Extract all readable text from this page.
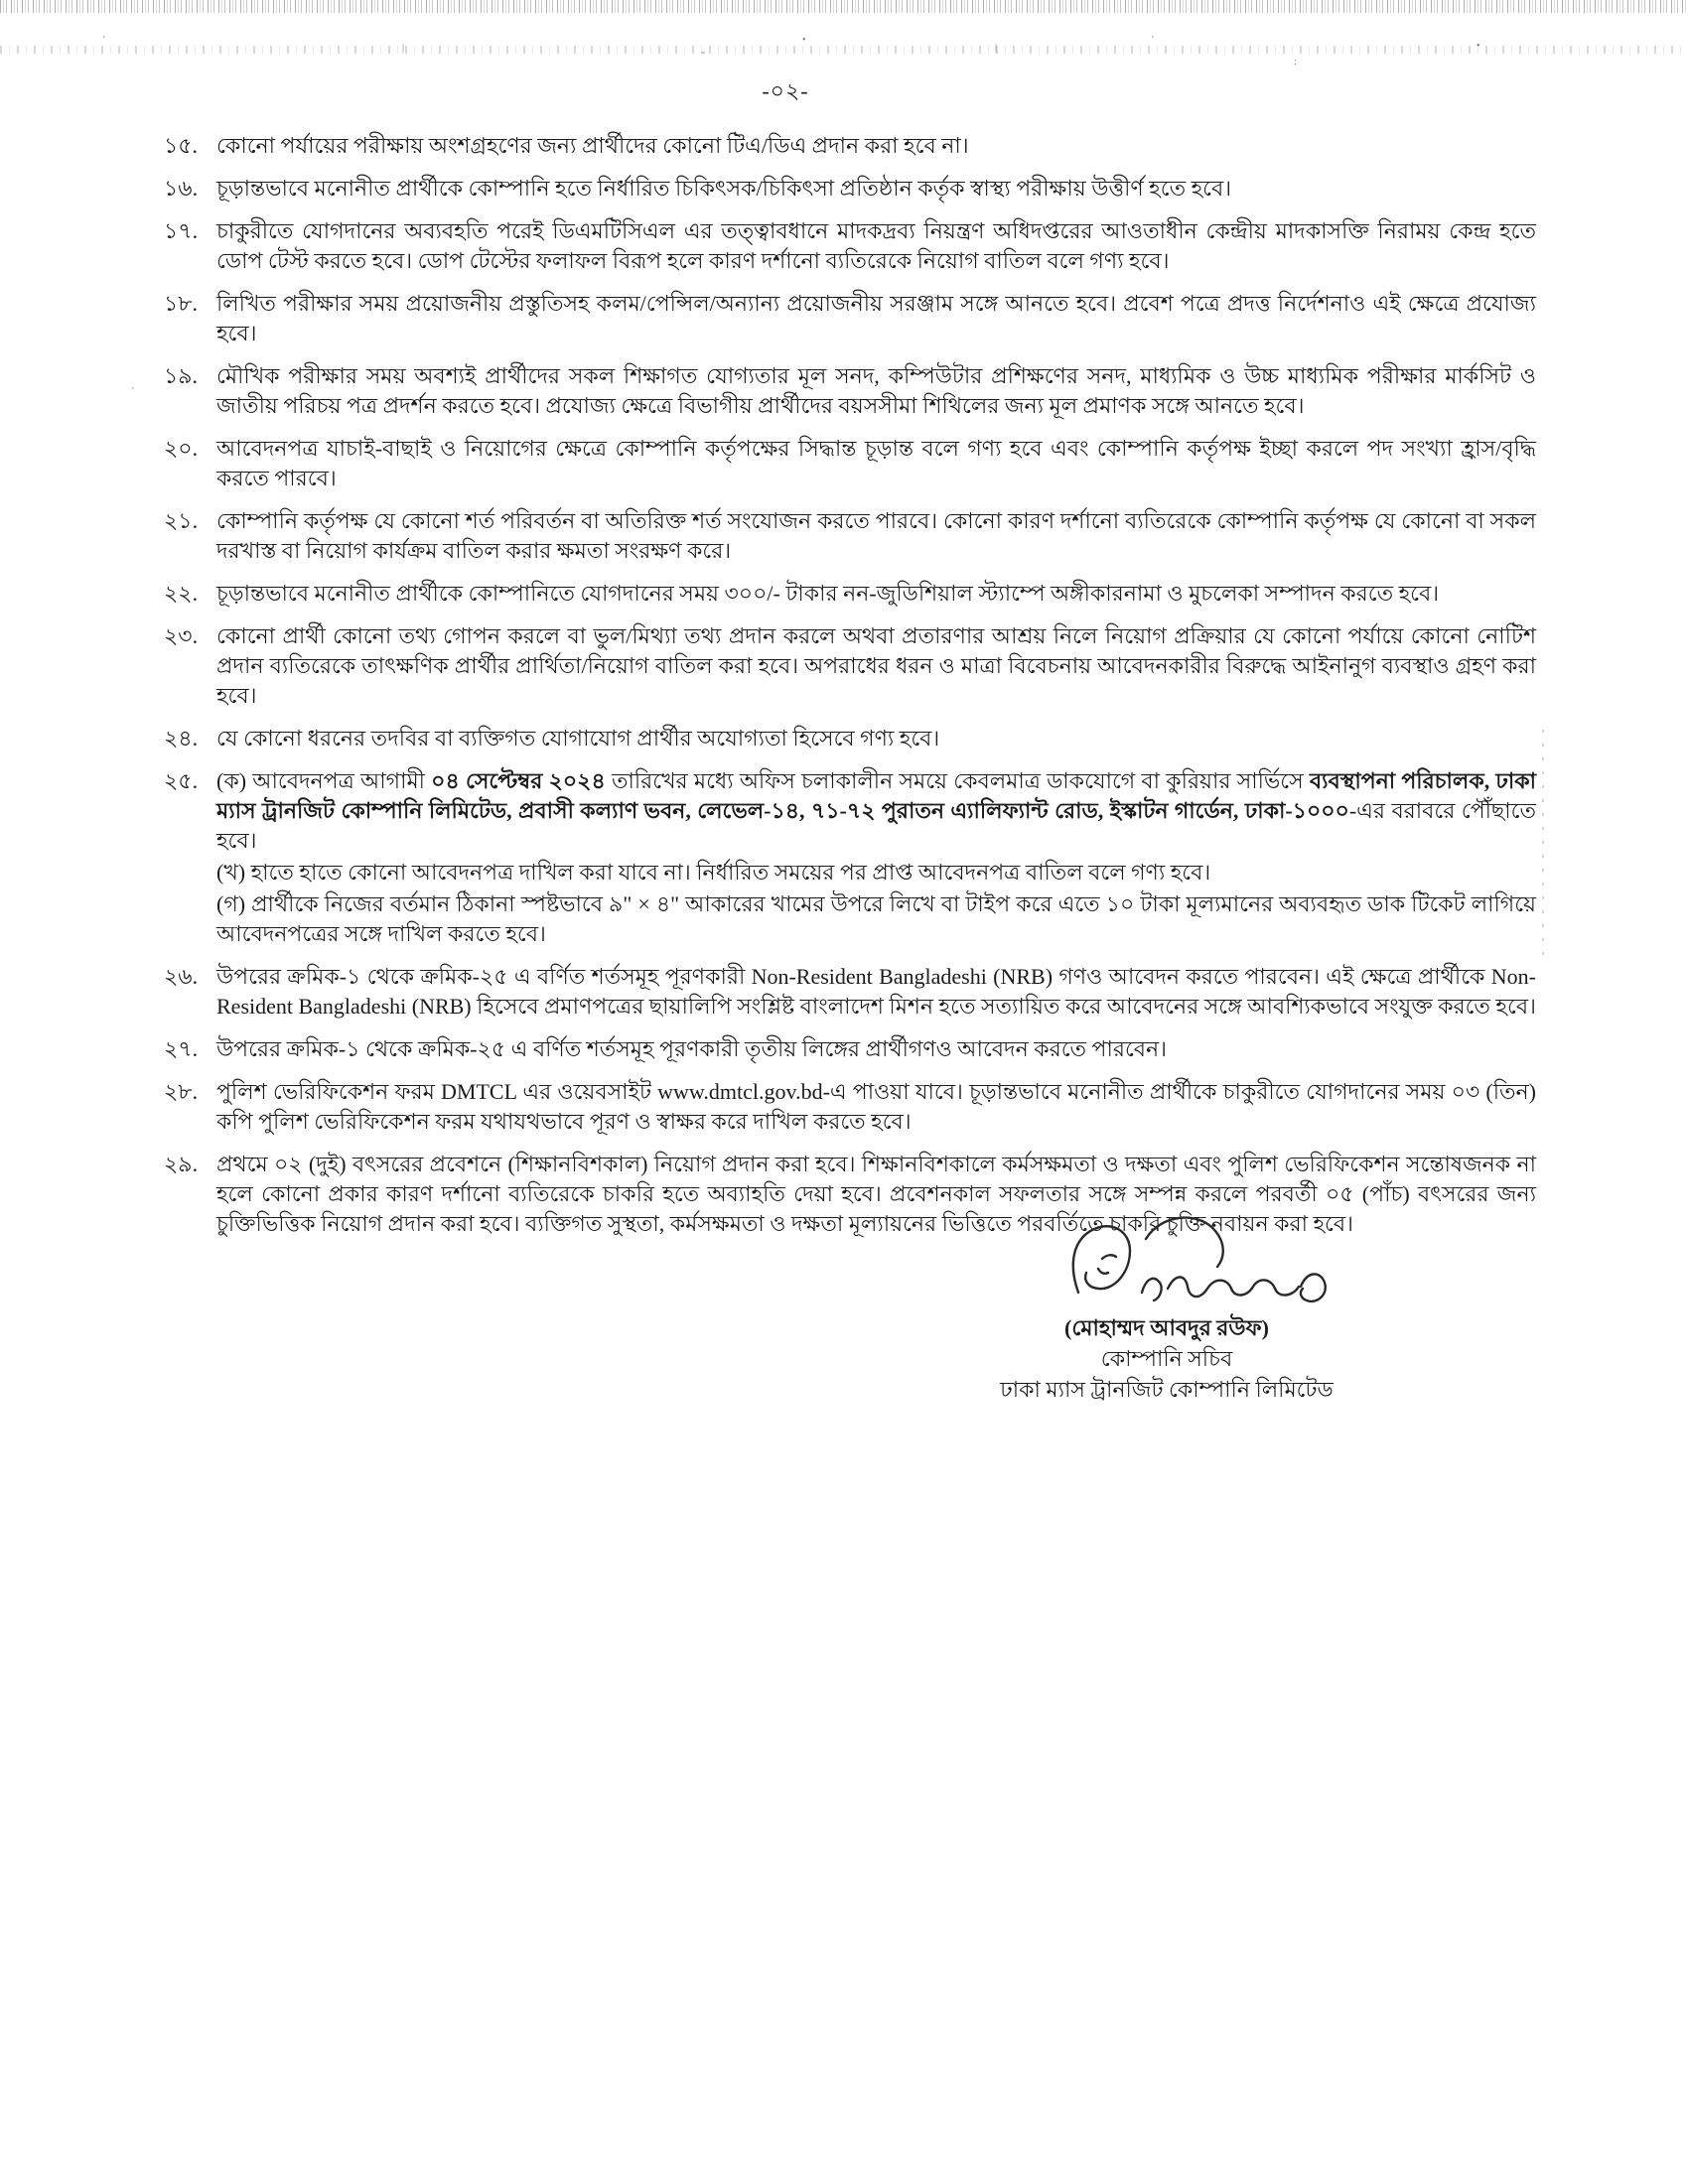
'
|
"
•
|
'
:
•
'
-০২-
১৫. কোনো পর্যায়ের পরীক্ষায় অংশগ্রহণের জন্য প্রার্থীদের কোনো টিএ/ডিএ প্রদান করা হবে না।
১৬. চূড়ান্তভাবে মনোনীত প্রার্থীকে কোম্পানি হতে নির্ধারিত চিকিৎসক/চিকিৎসা প্রতিষ্ঠান কর্তৃক স্বাস্থ্য পরীক্ষায় উত্তীর্ণ হতে হবে।
১৭. চাকুরীতে যোগদানের অব্যবহতি পরেই ডিএমটিসিএল এর তত্ত্বাবধানে মাদকদ্রব্য নিয়ন্ত্রণ অধিদপ্তরের আওতাধীন কেন্দ্রীয় মাদকাসক্তি নিরাময় কেন্দ্র হতে ডোপ টেস্ট করতে হবে। ডোপ টেস্টের ফলাফল বিরূপ হলে কারণ দর্শানো ব্যতিরেকে নিয়োগ বাতিল বলে গণ্য হবে।
১৮. লিখিত পরীক্ষার সময় প্রয়োজনীয় প্রস্তুতিসহ কলম/পেন্সিল/অন্যান্য প্রয়োজনীয় সরঞ্জাম সঙ্গে আনতে হবে। প্রবেশ পত্রে প্রদত্ত নির্দেশনাও এই ক্ষেত্রে প্রযোজ্য হবে।
১৯. মৌখিক পরীক্ষার সময় অবশ্যই প্রার্থীদের সকল শিক্ষাগত যোগ্যতার মূল সনদ, কম্পিউটার প্রশিক্ষণের সনদ, মাধ্যমিক ও উচ্চ মাধ্যমিক পরীক্ষার মার্কসিট ও জাতীয় পরিচয় পত্র প্রদর্শন করতে হবে। প্রযোজ্য ক্ষেত্রে বিভাগীয় প্রার্থীদের বয়সসীমা শিথিলের জন্য মূল প্রমাণক সঙ্গে আনতে হবে।
২০. আবেদনপত্র যাচাই-বাছাই ও নিয়োগের ক্ষেত্রে কোম্পানি কর্তৃপক্ষের সিদ্ধান্ত চূড়ান্ত বলে গণ্য হবে এবং কোম্পানি কর্তৃপক্ষ ইচ্ছা করলে পদ সংখ্যা হ্রাস/বৃদ্ধি করতে পারবে।
২১. কোম্পানি কর্তৃপক্ষ যে কোনো শর্ত পরিবর্তন বা অতিরিক্ত শর্ত সংযোজন করতে পারবে। কোনো কারণ দর্শানো ব্যতিরেকে কোম্পানি কর্তৃপক্ষ যে কোনো বা সকল দরখাস্ত বা নিয়োগ কার্যক্রম বাতিল করার ক্ষমতা সংরক্ষণ করে।
২২. চূড়ান্তভাবে মনোনীত প্রার্থীকে কোম্পানিতে যোগদানের সময় ৩০০/- টাকার নন-জুডিশিয়াল স্ট্যাম্পে অঙ্গীকারনামা ও মুচলেকা সম্পাদন করতে হবে।
২৩. কোনো প্রার্থী কোনো তথ্য গোপন করলে বা ভুল/মিথ্যা তথ্য প্রদান করলে অথবা প্রতারণার আশ্রয় নিলে নিয়োগ প্রক্রিয়ার যে কোনো পর্যায়ে কোনো নোটিশ প্রদান ব্যতিরেকে তাৎক্ষণিক প্রার্থীর প্রার্থিতা/নিয়োগ বাতিল করা হবে। অপরাধের ধরন ও মাত্রা বিবেচনায় আবেদনকারীর বিরুদ্ধে আইনানুগ ব্যবস্থাও গ্রহণ করা হবে।
২৪. যে কোনো ধরনের তদবির বা ব্যক্তিগত যোগাযোগ প্রার্থীর অযোগ্যতা হিসেবে গণ্য হবে।
২৫. (ক) আবেদনপত্র আগামী ০৪ সেপ্টেম্বর ২০২৪ তারিখের মধ্যে অফিস চলাকালীন সময়ে কেবলমাত্র ডাকযোগে বা কুরিয়ার সার্ভিসে ব্যবস্থাপনা পরিচালক, ঢাকা ম্যাস ট্রানজিট কোম্পানি লিমিটেড, প্রবাসী কল্যাণ ভবন, লেভেল-১৪, ৭১-৭২ পুরাতন এ্যালিফ্যান্ট রোড, ইস্কাটন গার্ডেন, ঢাকা-১০০০-এর বরাবরে পৌঁছাতে হবে।
(খ) হাতে হাতে কোনো আবেদনপত্র দাখিল করা যাবে না। নির্ধারিত সময়ের পর প্রাপ্ত আবেদনপত্র বাতিল বলে গণ্য হবে।
(গ) প্রার্থীকে নিজের বর্তমান ঠিকানা স্পষ্টভাবে ৯" × ৪" আকারের খামের উপরে লিখে বা টাইপ করে এতে ১০ টাকা মূল্যমানের অব্যবহৃত ডাক টিকেট লাগিয়ে আবেদনপত্রের সঙ্গে দাখিল করতে হবে।
২৬. উপরের ক্রমিক-১ থেকে ক্রমিক-২৫ এ বর্ণিত শর্তসমূহ পূরণকারী Non-Resident Bangladeshi (NRB) গণও আবেদন করতে পারবেন। এই ক্ষেত্রে প্রার্থীকে Non-Resident Bangladeshi (NRB) হিসেবে প্রমাণপত্রের ছায়ালিপি সংশ্লিষ্ট বাংলাদেশ মিশন হতে সত্যায়িত করে আবেদনের সঙ্গে আবশ্যিকভাবে সংযুক্ত করতে হবে।
২৭. উপরের ক্রমিক-১ থেকে ক্রমিক-২৫ এ বর্ণিত শর্তসমূহ পূরণকারী তৃতীয় লিঙ্গের প্রার্থীগণও আবেদন করতে পারবেন।
২৮. পুলিশ ভেরিফিকেশন ফরম DMTCL এর ওয়েবসাইট www.dmtcl.gov.bd-এ পাওয়া যাবে। চূড়ান্তভাবে মনোনীত প্রার্থীকে চাকুরীতে যোগদানের সময় ০৩ (তিন) কপি পুলিশ ভেরিফিকেশন ফরম যথাযথভাবে পূরণ ও স্বাক্ষর করে দাখিল করতে হবে।
২৯. প্রথমে ০২ (দুই) বৎসরের প্রবেশনে (শিক্ষানবিশকাল) নিয়োগ প্রদান করা হবে। শিক্ষানবিশকালে কর্মসক্ষমতা ও দক্ষতা এবং পুলিশ ভেরিফিকেশন সন্তোষজনক না হলে কোনো প্রকার কারণ দর্শানো ব্যতিরেকে চাকরি হতে অব্যাহতি দেয়া হবে। প্রবেশনকাল সফলতার সঙ্গে সম্পন্ন করলে পরবর্তী ০৫ (পাঁচ) বৎসরের জন্য চুক্তিভিত্তিক নিয়োগ প্রদান করা হবে। ব্যক্তিগত সুস্থতা, কর্মসক্ষমতা ও দক্ষতা মূল্যায়নের ভিত্তিতে পরবর্তিতে চাকরি চুক্তি নবায়ন করা হবে।
(মোহাম্মদ আবদুর রউফ)
কোম্পানি সচিব
ঢাকা ম্যাস ট্রানজিট কোম্পানি লিমিটেড
